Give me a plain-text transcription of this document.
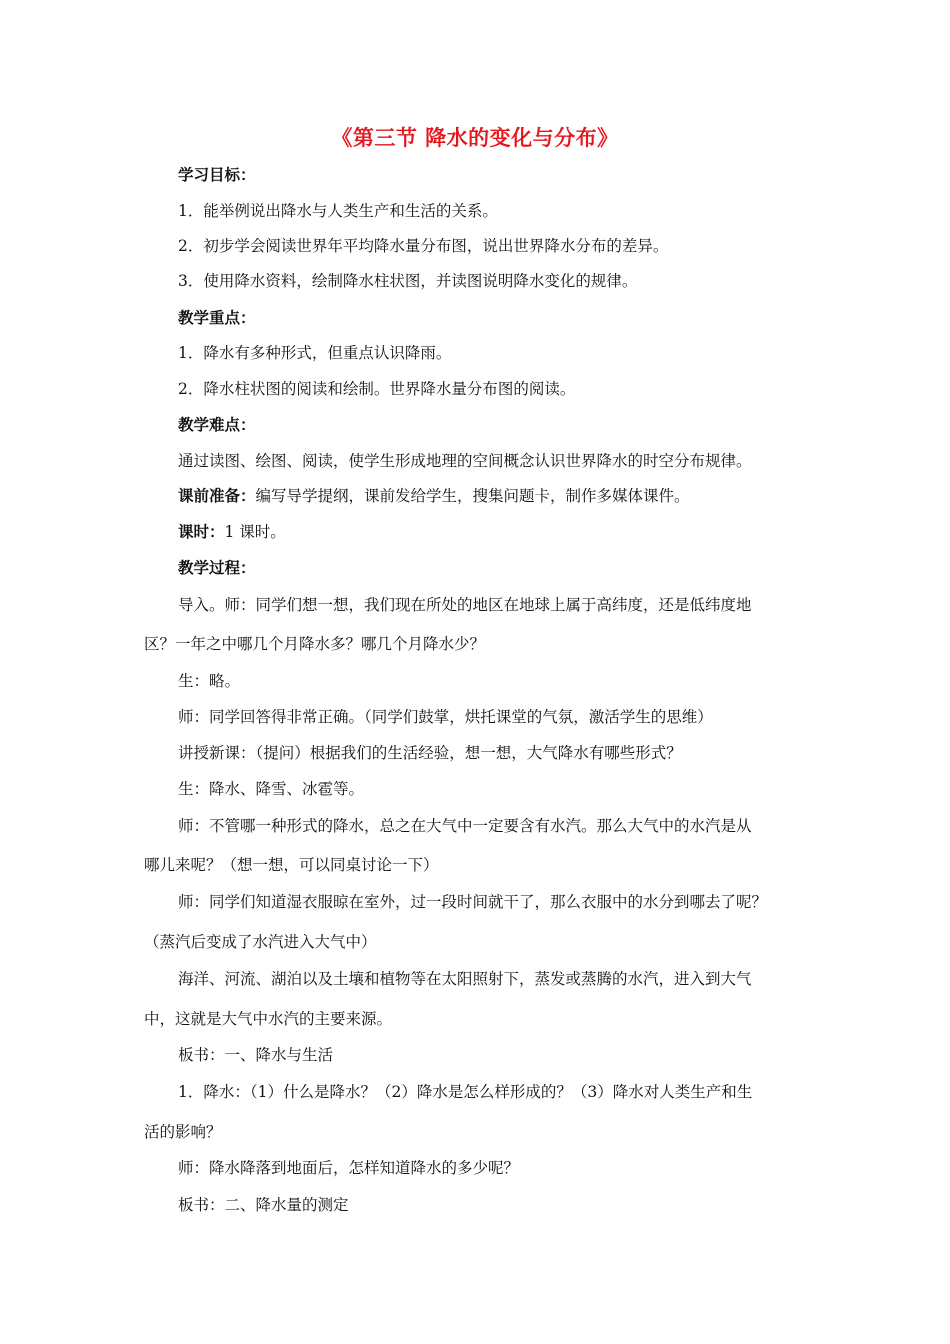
《第三节 降水的变化与分布》
学习目标：
1．能举例说出降水与人类生产和生活的关系。
2．初步学会阅读世界年平均降水量分布图，说出世界降水分布的差异。
3．使用降水资料，绘制降水柱状图，并读图说明降水变化的规律。
教学重点：
1．降水有多种形式，但重点认识降雨。
2．降水柱状图的阅读和绘制。世界降水量分布图的阅读。
教学难点：
通过读图、绘图、阅读，使学生形成地理的空间概念认识世界降水的时空分布规律。
课前准备：编写导学提纲，课前发给学生，搜集问题卡，制作多媒体课件。
课时：1 课时。
教学过程：
导入。师：同学们想一想，我们现在所处的地区在地球上属于高纬度，还是低纬度地
区？一年之中哪几个月降水多？哪几个月降水少？
生：略。
师：同学回答得非常正确。（同学们鼓掌，烘托课堂的气氛，激活学生的思维）
讲授新课：（提问）根据我们的生活经验，想一想，大气降水有哪些形式？
生：降水、降雪、冰雹等。
师：不管哪一种形式的降水，总之在大气中一定要含有水汽。那么大气中的水汽是从
哪儿来呢？（想一想，可以同桌讨论一下）
师：同学们知道湿衣服晾在室外，过一段时间就干了，那么衣服中的水分到哪去了呢？
（蒸汽后变成了水汽进入大气中）
海洋、河流、湖泊以及土壤和植物等在太阳照射下，蒸发或蒸腾的水汽，进入到大气
中，这就是大气中水汽的主要来源。
板书：一、降水与生活
1．降水：（1）什么是降水？（2）降水是怎么样形成的？（3）降水对人类生产和生
活的影响？
师：降水降落到地面后，怎样知道降水的多少呢？
板书：二、降水量的测定
